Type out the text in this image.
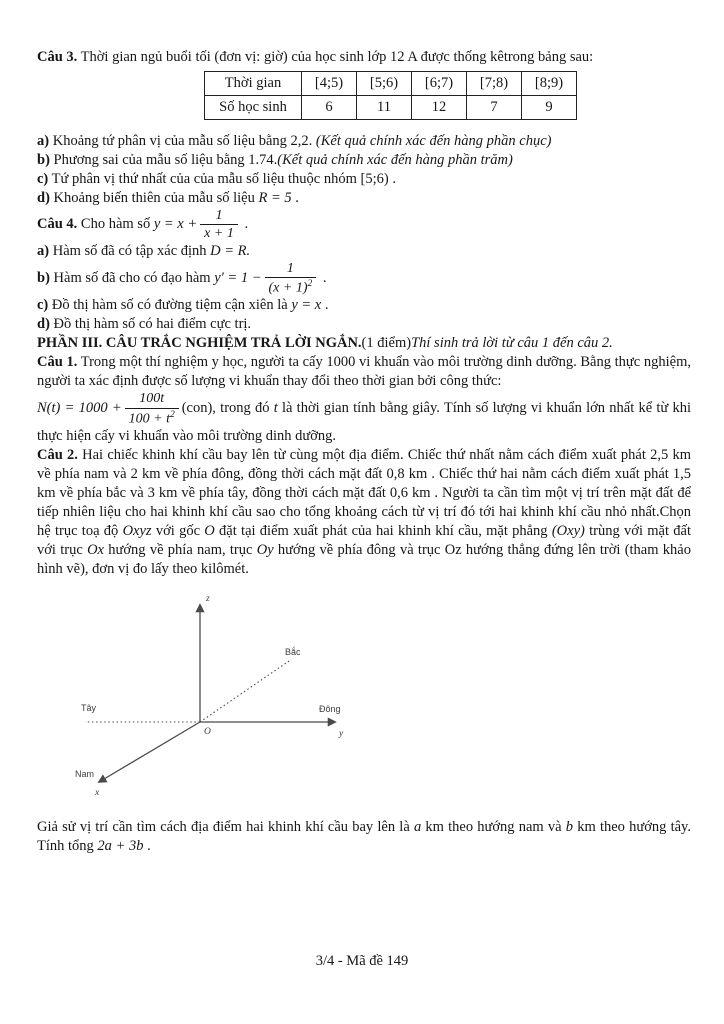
Câu 3. Thời gian ngủ buổi tối (đơn vị: giờ) của học sinh lớp 12 A được thống kêtrong bảng sau:

Thời gian	[4;5)	[5;6)	[6;7)	[7;8)	[8;9)
Số học sinh	6	11	12	7	9

a) Khoảng tứ phân vị của mẫu số liệu bằng 2,2. (Kết quả chính xác đến hàng phần chục)

b) Phương sai của mẫu số liệu bằng 1.74.(Kết quả chính xác đến hàng phần trăm)

c) Tứ phân vị thứ nhất của của mẫu số liệu thuộc nhóm [5;6) .

d) Khoảng biến thiên của mẫu số liệu R = 5 .

Câu 4. Cho hàm số $y = x + \frac{1}{x + 1}$ .

a) Hàm số đã có tập xác định D = R.

b) Hàm số đã cho có đạo hàm $y' = 1 - \frac{1}{(x + 1)^2}$ .

c) Đồ thị hàm số có đường tiệm cận xiên là y = x .

d) Đồ thị hàm số có hai điểm cực trị.

PHẦN III. CÂU TRẮC NGHIỆM TRẢ LỜI NGẮN.(1 điểm)Thí sinh trả lời từ câu 1 đến câu 2.

Câu 1. Trong một thí nghiệm y học, người ta cấy 1000 vi khuẩn vào môi trường dinh dưỡng. Bằng thực nghiệm, người ta xác định được số lượng vi khuẩn thay đổi theo thời gian bởi công thức:

$N(t) = 1000 + \frac{100t}{100 + t^2} (con)$, trong đó t là thời gian tính bằng giây. Tính số lượng vi khuẩn lớn nhất kể từ khi thực hiện cấy vi khuẩn vào môi trường dinh dưỡng.

Câu 2. Hai chiếc khinh khí cầu bay lên từ cùng một địa điểm. Chiếc thứ nhất nằm cách điểm xuất phát 2,5 km về phía nam và 2 km về phía đông, đồng thời cách mặt đất 0,8 km . Chiếc thứ hai nằm cách điểm xuất phát 1,5 km về phía bắc và 3 km về phía tây, đồng thời cách mặt đất 0,6 km . Người ta cần tìm một vị trí trên mặt đất để tiếp nhiên liệu cho hai khinh khí cầu sao cho tổng khoảng cách từ vị trí đó tới hai khinh khí cầu nhỏ nhất.Chọn hệ trục toạ độ Oxyz với gốc O đặt tại điểm xuất phát của hai khinh khí cầu, mặt phẳng (Oxy) trùng với mặt đất với trục Ox hướng về phía nam, trục Oy hướng về phía đông và trục Oz hướng thẳng đứng lên trời (tham khảo hình vẽ), đơn vị đo lấy theo kilômét.

z
Bắc
Tây	Đông
O	y
Nam
x

Giả sử vị trí cần tìm cách địa điểm hai khinh khí cầu bay lên là a km theo hướng nam và b km theo hướng tây. Tính tổng 2a + 3b .

3/4 - Mã đề 149
